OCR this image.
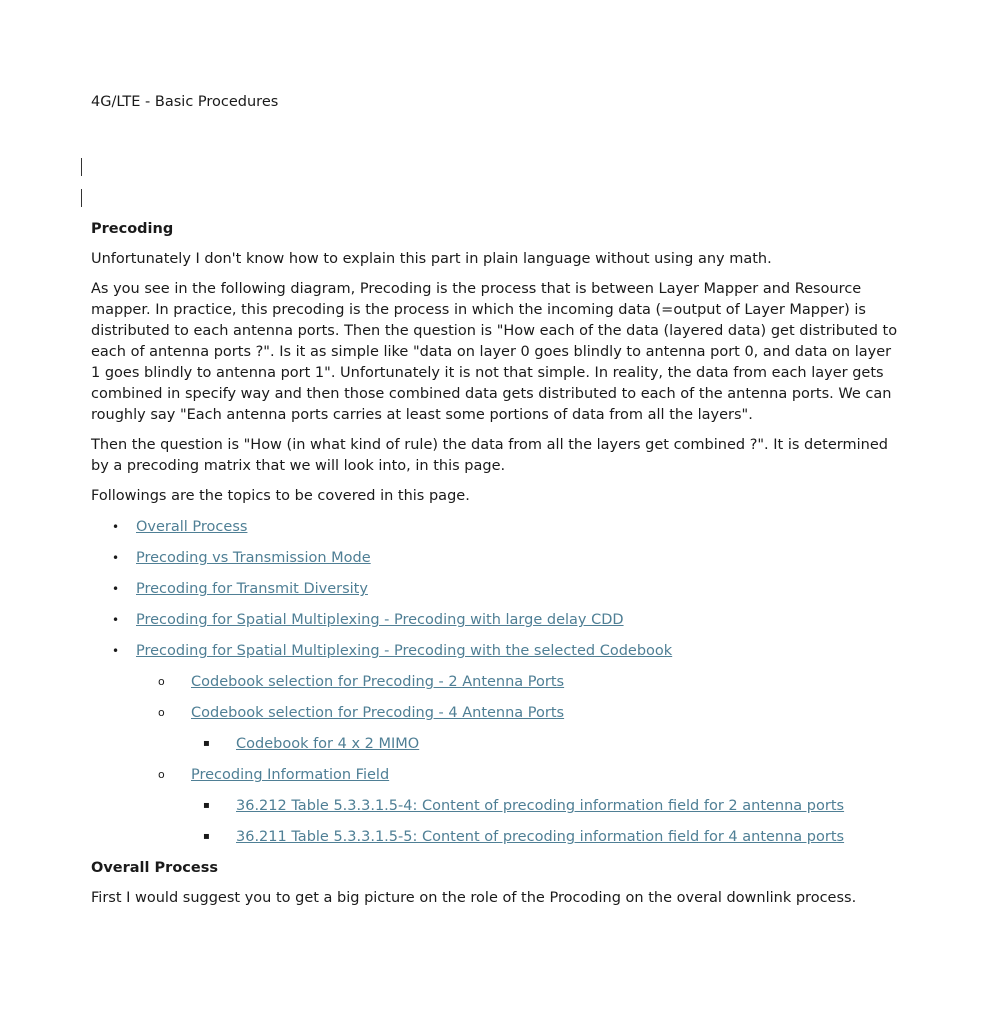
4G/LTE - Basic Procedures

Precoding

Unfortunately I don't know how to explain this part in plain language without using any math.

As you see in the following diagram, Precoding is the process that is between Layer Mapper and Resource
mapper. In practice, this precoding is the process in which the incoming data (=output of Layer Mapper) is
distributed to each antenna ports. Then the question is "How each of the data (layered data) get distributed to
each of antenna ports ?". Is it as simple like "data on layer 0 goes blindly to antenna port 0, and data on layer
1 goes blindly to antenna port 1". Unfortunately it is not that simple. In reality, the data from each layer gets
combined in specify way and then those combined data gets distributed to each of the antenna ports. We can
roughly say "Each antenna ports carries at least some portions of data from all the layers".

Then the question is "How (in what kind of rule) the data from all the layers get combined ?". It is determined
by a precoding matrix that we will look into, in this page.

Followings are the topics to be covered in this page.

• Overall Process
• Precoding vs Transmission Mode
• Precoding for Transmit Diversity
• Precoding for Spatial Multiplexing - Precoding with large delay CDD
• Precoding for Spatial Multiplexing - Precoding with the selected Codebook
o Codebook selection for Precoding - 2 Antenna Ports
o Codebook selection for Precoding - 4 Antenna Ports
▪ Codebook for 4 x 2 MIMO
o Precoding Information Field
▪ 36.212 Table 5.3.3.1.5-4: Content of precoding information field for 2 antenna ports
▪ 36.211 Table 5.3.3.1.5-5: Content of precoding information field for 4 antenna ports
Overall Process

First I would suggest you to get a big picture on the role of the Procoding on the overal downlink process.
